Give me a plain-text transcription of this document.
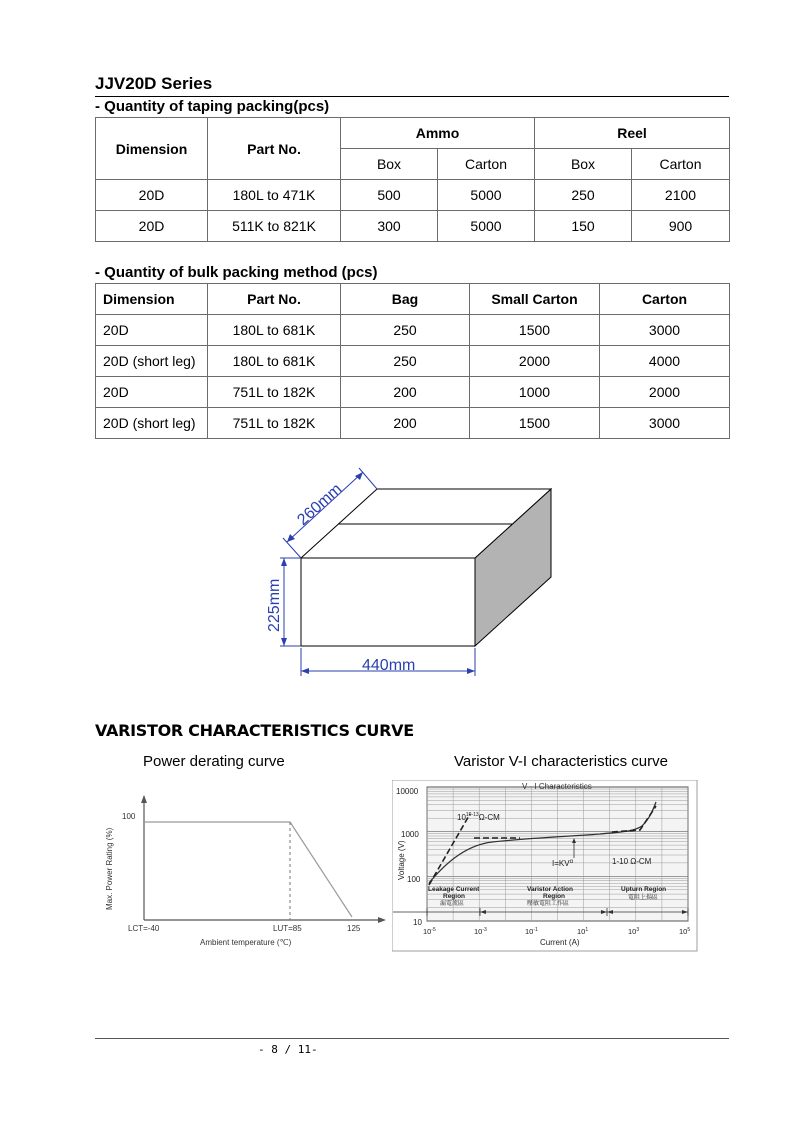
JJV20D Series
- Quantity of taping packing(pcs)
Dimension	Part No.	Ammo		Reel	
		Box	Carton	Box	Carton
20D	180L to 471K	500	5000	250	2100
20D	511K to 821K	300	5000	150	900
- Quantity of bulk packing method (pcs)
Dimension	Part No.	Bag	Small Carton	Carton
20D	180L to 681K	250	1500	3000
20D (short leg)	180L to 681K	250	2000	4000
20D	751L to 182K	200	1000	2000
20D (short leg)	751L to 182K	200	1500	3000
260mm
225mm
440mm
VARISTOR CHARACTERISTICS CURVE
Power derating curve	Varistor V-I characteristics curve
100
Max. Power Rating (%)
LCT=-40	LUT=85	125
Ambient temperature (℃)
V - I Characteristics
10$^{10-13}$Ω-CM
$I=KV^\alpha$	1-10 Ω-CM
Leakage Current
Region
漏電流區
Varistor Action
Region
壓敏電阻工作區
Upturn Region
電阻上揚區
10000
1000
100
10
Voltage (V)
$10^{-5}$	$10^{-3}$	$10^{-1}$	$10^1$	$10^3$	$10^5$
Current (A)
- 8 / 11-
